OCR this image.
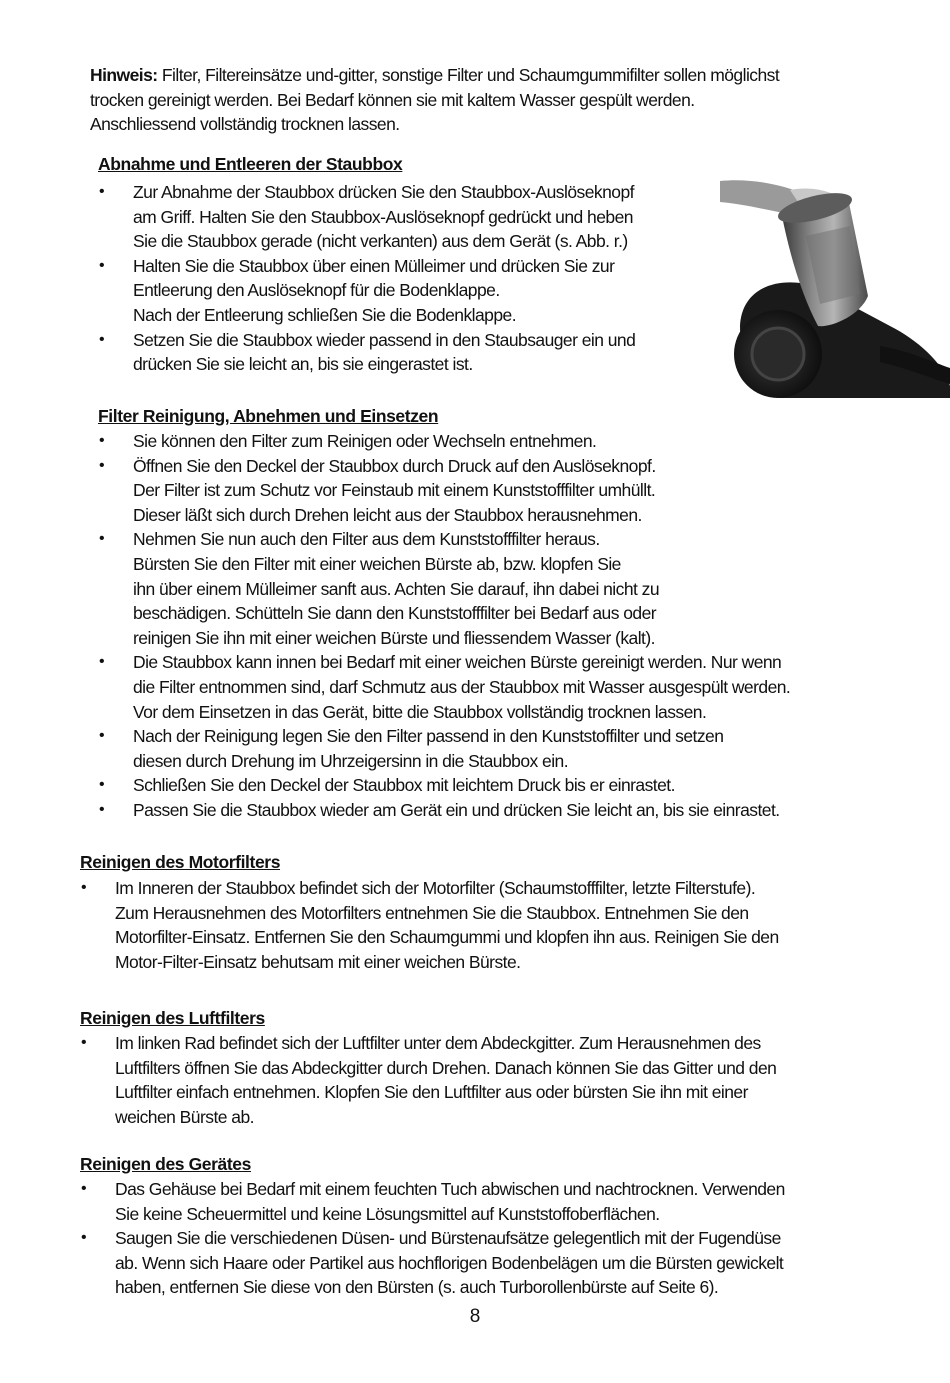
Hinweis: Filter, Filtereinsätze und-gitter, sonstige Filter und Schaumgummifilter sollen möglichst
trocken gereinigt werden. Bei Bedarf können sie mit kaltem Wasser gespült werden.
Anschliessend vollständig trocknen lassen.
Abnahme und Entleeren der Staubbox
• Zur Abnahme der Staubbox drücken Sie den Staubbox-Auslöseknopf
am Griff. Halten Sie den Staubbox-Auslöseknopf gedrückt und heben
Sie die Staubbox gerade (nicht verkanten) aus dem Gerät (s. Abb. r.)
• Halten Sie die Staubbox über einen Mülleimer und drücken Sie zur
Entleerung den Auslöseknopf für die Bodenklappe.
Nach der Entleerung schließen Sie die Bodenklappe.
• Setzen Sie die Staubbox wieder passend in den Staubsauger ein und
drücken Sie sie leicht an, bis sie eingerastet ist.
Filter Reinigung, Abnehmen und Einsetzen
• Sie können den Filter zum Reinigen oder Wechseln entnehmen.
• Öffnen Sie den Deckel der Staubbox durch Druck auf den Auslöseknopf.
Der Filter ist zum Schutz vor Feinstaub mit einem Kunststofffilter umhüllt.
Dieser läßt sich durch Drehen leicht aus der Staubbox herausnehmen.
• Nehmen Sie nun auch den Filter aus dem Kunststofffilter heraus.
Bürsten Sie den Filter mit einer weichen Bürste ab, bzw. klopfen Sie
ihn über einem Mülleimer sanft aus. Achten Sie darauf, ihn dabei nicht zu
beschädigen. Schütteln Sie dann den Kunststofffilter bei Bedarf aus oder
reinigen Sie ihn mit einer weichen Bürste und fliessendem Wasser (kalt).
• Die Staubbox kann innen bei Bedarf mit einer weichen Bürste gereinigt werden. Nur wenn
die Filter entnommen sind, darf Schmutz aus der Staubbox mit Wasser ausgespült werden.
Vor dem Einsetzen in das Gerät, bitte die Staubbox vollständig trocknen lassen.
• Nach der Reinigung legen Sie den Filter passend in den Kunststoffilter und setzen
diesen durch Drehung im Uhrzeigersinn in die Staubbox ein.
• Schließen Sie den Deckel der Staubbox mit leichtem Druck bis er einrastet.
• Passen Sie die Staubbox wieder am Gerät ein und drücken Sie leicht an, bis sie einrastet.
Reinigen des Motorfilters
• Im Inneren der Staubbox befindet sich der Motorfilter (Schaumstofffilter, letzte Filterstufe).
Zum Herausnehmen des Motorfilters entnehmen Sie die Staubbox. Entnehmen Sie den
Motorfilter-Einsatz. Entfernen Sie den Schaumgummi und klopfen ihn aus. Reinigen Sie den
Motor-Filter-Einsatz behutsam mit einer weichen Bürste.
Reinigen des Luftfilters
• Im linken Rad befindet sich der Luftfilter unter dem Abdeckgitter. Zum Herausnehmen des
Luftfilters öffnen Sie das Abdeckgitter durch Drehen. Danach können Sie das Gitter und den
Luftfilter einfach entnehmen. Klopfen Sie den Luftfilter aus oder bürsten Sie ihn mit einer
weichen Bürste ab.
Reinigen des Gerätes
• Das Gehäuse bei Bedarf mit einem feuchten Tuch abwischen und nachtrocknen. Verwenden
Sie keine Scheuermittel und keine Lösungsmittel auf Kunststoffoberflächen.
• Saugen Sie die verschiedenen Düsen- und Bürstenaufsätze gelegentlich mit der Fugendüse
ab. Wenn sich Haare oder Partikel aus hochflorigen Bodenbelägen um die Bürsten gewickelt
haben, entfernen Sie diese von den Bürsten (s. auch Turborollenbürste auf Seite 6).
8
